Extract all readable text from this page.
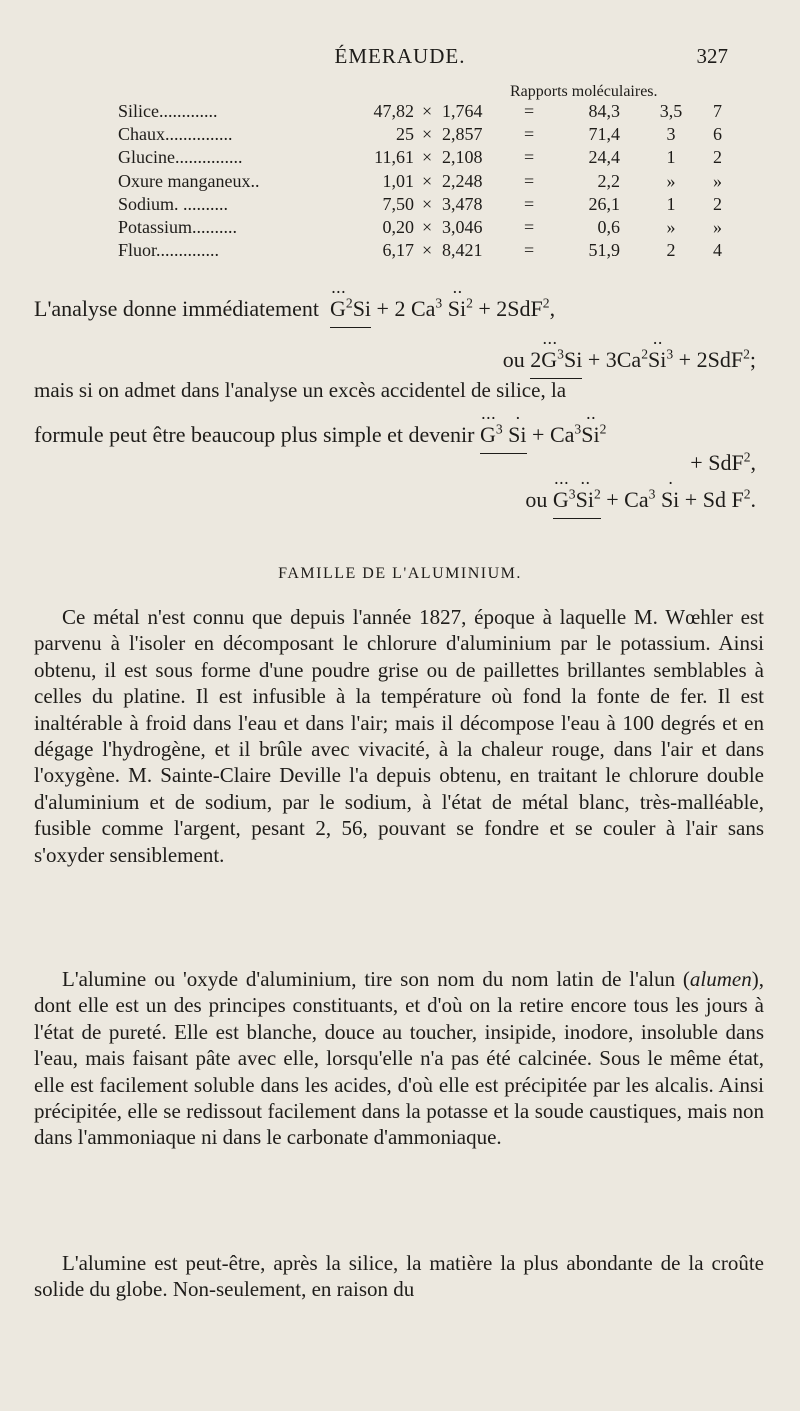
ÉMERAUDE.	327
Rapports moléculaires.
Silice.............	47,82 × 1,764 =	84,3 3,5	7
Chaux...............	25 × 2,857 =	71,4	3	6
Glucine...............	11,61 × 2,108 =	24,4	1	2
Oxure manganeux..	1,01 × 2,248 =	2,2	»	»
Sodium. ..........	7,50 × 3,478 =	26,1	1	2
Potassium..........	0,20 × 3,046 =	0,6	»	»
Fluor..............	6,17 × 8,421 =	51,9	2	4
L'analyse donne immédiatement ··· $G^2Si + 2$ $Ca^3 \cdot\cdot Si^2 + 2SdF^2$,
ou $2\cdot\cdot\cdot G^3Si + 3Ca^2\cdot\cdot Si^3 + 2SdF^2$;
mais si on admet dans l'analyse un excès accidentel de silice, la
formule peut être beaucoup plus simple et devenir ··· $G^3 \cdot Si + Ca^3\cdot\cdot Si^2$
+ SdF$^2$,
ou ··· $G^3\cdot\cdot Si^2 + Ca^3 \cdot Si + Sd$ $F^2$.
FAMILLE DE L'ALUMINIUM.

Ce métal n'est connu que depuis l'année 1827, époque à laquelle M. Wœhler est parvenu à l'isoler en décomposant le chlorure d'aluminium par le potassium. Ainsi obtenu, il est sous forme d'une poudre grise ou de paillettes brillantes semblables à celles du platine. Il est infusible à la température où fond la fonte de fer. Il est inaltérable à froid dans l'eau et dans l'air; mais il décompose l'eau à 100 degrés et en dégage l'hydrogène, et il brûle avec vivacité, à la chaleur rouge, dans l'air et dans l'oxygène. M. Sainte-Claire Deville l'a depuis obtenu, en traitant le chlorure double d'aluminium et de sodium, par le sodium, à l'état de métal blanc, très-malléable, fusible comme l'argent, pesant 2, 56, pouvant se fondre et se couler à l'air sans s'oxyder sensiblement.

L'alumine ou 'oxyde d'aluminium, tire son nom du nom latin de l'alun (alumen), dont elle est un des principes constituants, et d'où on la retire encore tous les jours à l'état de pureté. Elle est blanche, douce au toucher, insipide, inodore, insoluble dans l'eau, mais faisant pâte avec elle, lorsqu'elle n'a pas été calcinée. Sous le même état, elle est facilement soluble dans les acides, d'où elle est précipitée par les alcalis. Ainsi précipitée, elle se redissout facilement dans la potasse et la soude caustiques, mais non dans l'ammoniaque ni dans le carbonate d'ammoniaque.

L'alumine est peut-être, après la silice, la matière la plus abondante de la croûte solide du globe. Non-seulement, en raison du
